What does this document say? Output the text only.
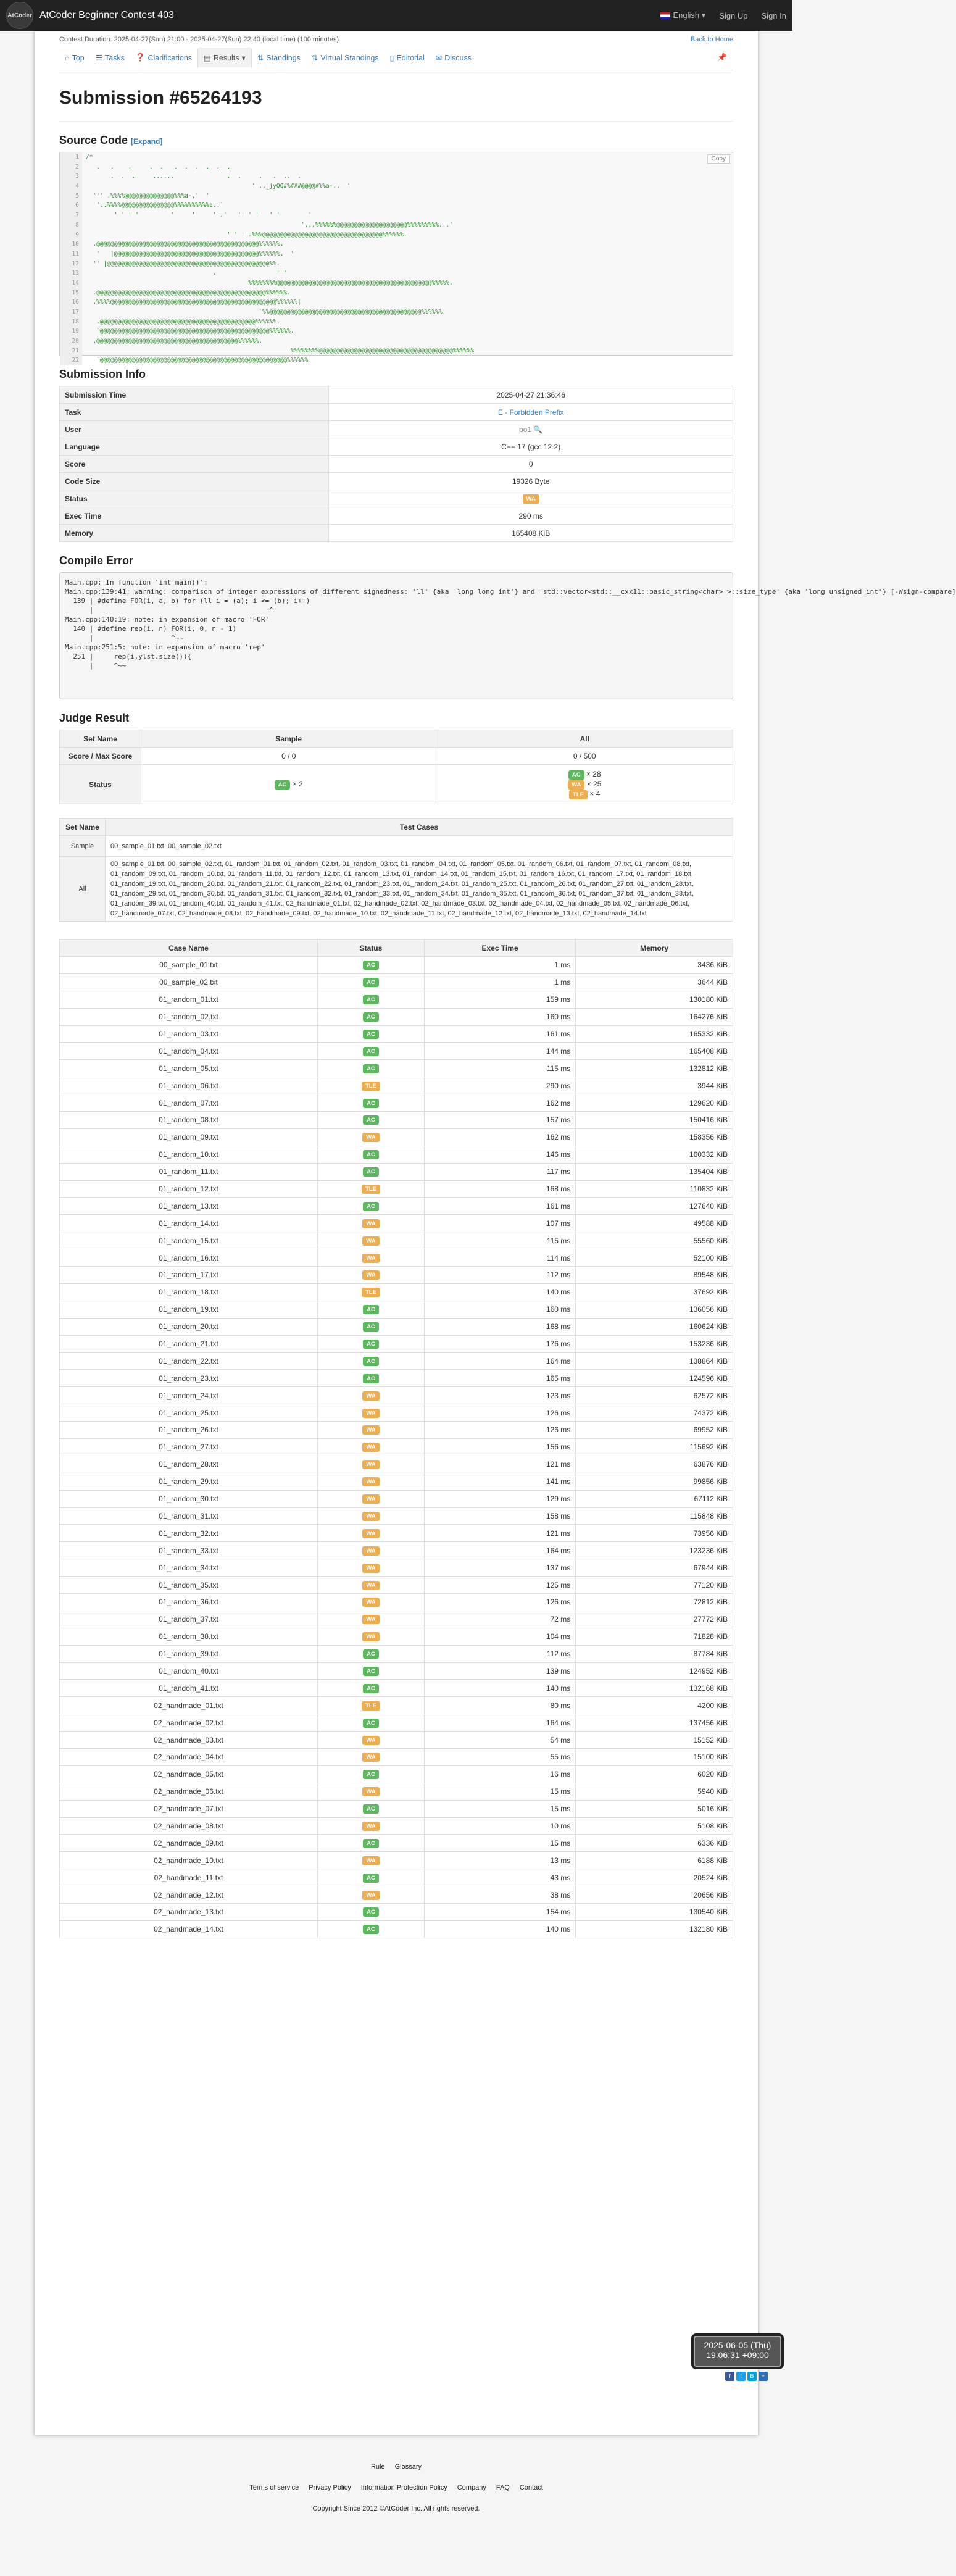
AtCoder AtCoder Beginner Contest 403	English ▾ Sign Up Sign In
Contest Duration: 2025-04-27(Sun) 21:00 - 2025-04-27(Sun) 22:40 (local time) (100 minutes)	Back to Home
⌂ Top ☰ Tasks ❓ Clarifications ▤ Results ▾	⇅ Standings ⇅ Virtual Standings ▯ Editorial ✉ Discuss	📌
Submission #65264193
Source Code [Expand]
Copy
1	/*
2	.   .    .     .  .   .  .  .  .  .  .
3	.  .  .     ......               .  .     .   .  ..  .
4	' .,_jyQQ#%###@@@@#%%a-..  '
5	''' .%%%%@@@@@@@@@@@@@@%%%a-,'  '
6	'..%%%%@@@@@@@@@@@@@@@%%%%%%%%%%a..'
7	' ' ' '         '     '     ' .'   '' ' '   ' '        '
8	',,,%%%%%%@@@@@@@@@@@@@@@@@@@@%%%%%%%%%...'
9	' ' ' .%%%@@@@@@@@@@@@@@@@@@@@@@@@@@@@@@@@@@%%%%%%.
10	.@@@@@@@@@@@@@@@@@@@@@@@@@@@@@@@@@@@@@@@@@@@@@@%%%%%%.
11	'   |@@@@@@@@@@@@@@@@@@@@@@@@@@@@@@@@@@@@@@@@@%%%%%%.  '
12	'' |@@@@@@@@@@@@@@@@@@@@@@@@@@@@@@@@@@@@@@@@@@@@@@%%.
13	.                 ' '
14	%%%%%%%%@@@@@@@@@@@@@@@@@@@@@@@@@@@@@@@@@@@@@@@@@@@@%%%%%.
15	.@@@@@@@@@@@@@@@@@@@@@@@@@@@@@@@@@@@@@@@@@@@@@@@@%%%%%%.
16	.%%%%@@@@@@@@@@@@@@@@@@@@@@@@@@@@@@@@@@@@@@@@@@@@@@@%%%%%%|
17	`%%@@@@@@@@@@@@@@@@@@@@@@@@@@@@@@@@@@@@@@@@@@@%%%%%%|
18	.@@@@@@@@@@@@@@@@@@@@@@@@@@@@@@@@@@@@@@@@@@@@%%%%%%.
19	`@@@@@@@@@@@@@@@@@@@@@@@@@@@@@@@@@@@@@@@@@@@@@@@@%%%%%%.
20	,@@@@@@@@@@@@@@@@@@@@@@@@@@@@@@@@@@@@@@@@%%%%%%.
21	%%%%%%%%@@@@@@@@@@@@@@@@@@@@@@@@@@@@@@@@@@@@@@%%%%%%
22	`@@@@@@@@@@@@@@@@@@@@@@@@@@@@@@@@@@@@@@@@@@@@@@@@@@@@@%%%%%%
Submission Info
Submission Time	2025-04-27 21:36:46
Task	E - Forbidden Prefix
User	po1 🔍
Language	C++ 17 (gcc 12.2)
Score	0
Code Size	19326 Byte
Status	WA
Exec Time	290 ms
Memory	165408 KiB
Compile Error
Main.cpp: In function 'int main()':
Main.cpp:139:41: warning: comparison of integer expressions of different signedness: 'll' {aka 'long long int'} and 'std::vector<std::__cxx11::basic_string<char> >::size_type' {aka 'long unsigned int'} [-Wsign-compare]
139 | #define FOR(i, a, b) for (ll i = (a); i <= (b); i++)
|                                           ^
Main.cpp:140:19: note: in expansion of macro 'FOR'
140 | #define rep(i, n) FOR(i, 0, n - 1)
|                   ^~~
Main.cpp:251:5: note: in expansion of macro 'rep'
251 |     rep(i,ylst.size()){
|     ^~~
Judge Result
Set Name	Sample	All
Score / Max Score	0 / 0	0 / 500
Status	AC × 2	AC × 28
WA × 25
TLE × 4
Set Name	Test Cases
Sample	00_sample_01.txt, 00_sample_02.txt
All	00_sample_01.txt, 00_sample_02.txt, 01_random_01.txt, 01_random_02.txt, 01_random_03.txt, 01_random_04.txt, 01_random_05.txt, 01_random_06.txt, 01_random_07.txt, 01_random_08.txt, 01_random_09.txt, 01_random_10.txt, 01_random_11.txt, 01_random_12.txt, 01_random_13.txt, 01_random_14.txt, 01_random_15.txt, 01_random_16.txt, 01_random_17.txt, 01_random_18.txt, 01_random_19.txt, 01_random_20.txt, 01_random_21.txt, 01_random_22.txt, 01_random_23.txt, 01_random_24.txt, 01_random_25.txt, 01_random_26.txt, 01_random_27.txt, 01_random_28.txt, 01_random_29.txt, 01_random_30.txt, 01_random_31.txt, 01_random_32.txt, 01_random_33.txt, 01_random_34.txt, 01_random_35.txt, 01_random_36.txt, 01_random_37.txt, 01_random_38.txt, 01_random_39.txt, 01_random_40.txt, 01_random_41.txt, 02_handmade_01.txt, 02_handmade_02.txt, 02_handmade_03.txt, 02_handmade_04.txt, 02_handmade_05.txt, 02_handmade_06.txt, 02_handmade_07.txt, 02_handmade_08.txt, 02_handmade_09.txt, 02_handmade_10.txt, 02_handmade_11.txt, 02_handmade_12.txt, 02_handmade_13.txt, 02_handmade_14.txt
Case Name	Status	Exec Time	Memory
00_sample_01.txt	AC	1 ms	3436 KiB
00_sample_02.txt	AC	1 ms	3644 KiB
01_random_01.txt	AC	159 ms	130180 KiB
01_random_02.txt	AC	160 ms	164276 KiB
01_random_03.txt	AC	161 ms	165332 KiB
01_random_04.txt	AC	144 ms	165408 KiB
01_random_05.txt	AC	115 ms	132812 KiB
01_random_06.txt	TLE	290 ms	3944 KiB
01_random_07.txt	AC	162 ms	129620 KiB
01_random_08.txt	AC	157 ms	150416 KiB
01_random_09.txt	WA	162 ms	158356 KiB
01_random_10.txt	AC	146 ms	160332 KiB
01_random_11.txt	AC	117 ms	135404 KiB
01_random_12.txt	TLE	168 ms	110832 KiB
01_random_13.txt	AC	161 ms	127640 KiB
01_random_14.txt	WA	107 ms	49588 KiB
01_random_15.txt	WA	115 ms	55560 KiB
01_random_16.txt	WA	114 ms	52100 KiB
01_random_17.txt	WA	112 ms	89548 KiB
01_random_18.txt	TLE	140 ms	37692 KiB
01_random_19.txt	AC	160 ms	136056 KiB
01_random_20.txt	AC	168 ms	160624 KiB
01_random_21.txt	AC	176 ms	153236 KiB
01_random_22.txt	AC	164 ms	138864 KiB
01_random_23.txt	AC	165 ms	124596 KiB
01_random_24.txt	WA	123 ms	62572 KiB
01_random_25.txt	WA	126 ms	74372 KiB
01_random_26.txt	WA	126 ms	69952 KiB
01_random_27.txt	WA	156 ms	115692 KiB
01_random_28.txt	WA	121 ms	63876 KiB
01_random_29.txt	WA	141 ms	99856 KiB
01_random_30.txt	WA	129 ms	67112 KiB
01_random_31.txt	WA	158 ms	115848 KiB
01_random_32.txt	WA	121 ms	73956 KiB
01_random_33.txt	WA	164 ms	123236 KiB
01_random_34.txt	WA	137 ms	67944 KiB
01_random_35.txt	WA	125 ms	77120 KiB
01_random_36.txt	WA	126 ms	72812 KiB
01_random_37.txt	WA	72 ms	27772 KiB
01_random_38.txt	WA	104 ms	71828 KiB
01_random_39.txt	AC	112 ms	87784 KiB
01_random_40.txt	AC	139 ms	124952 KiB
01_random_41.txt	AC	140 ms	132168 KiB
02_handmade_01.txt	TLE	80 ms	4200 KiB
02_handmade_02.txt	AC	164 ms	137456 KiB
02_handmade_03.txt	WA	54 ms	15152 KiB
02_handmade_04.txt	WA	55 ms	15100 KiB
02_handmade_05.txt	AC	16 ms	6020 KiB
02_handmade_06.txt	WA	15 ms	5940 KiB
02_handmade_07.txt	AC	15 ms	5016 KiB
02_handmade_08.txt	WA	10 ms	5108 KiB
02_handmade_09.txt	AC	15 ms	6336 KiB
02_handmade_10.txt	WA	13 ms	6188 KiB
02_handmade_11.txt	AC	43 ms	20524 KiB
02_handmade_12.txt	WA	38 ms	20656 KiB
02_handmade_13.txt	AC	154 ms	130540 KiB
02_handmade_14.txt	AC	140 ms	132180 KiB
f	t	B	+
2025-06-05 (Thu)
19:06:31 +09:00
Rule Glossary
Terms of service Privacy Policy Information Protection Policy Company FAQ Contact
Copyright Since 2012 ©AtCoder Inc. All rights reserved.
